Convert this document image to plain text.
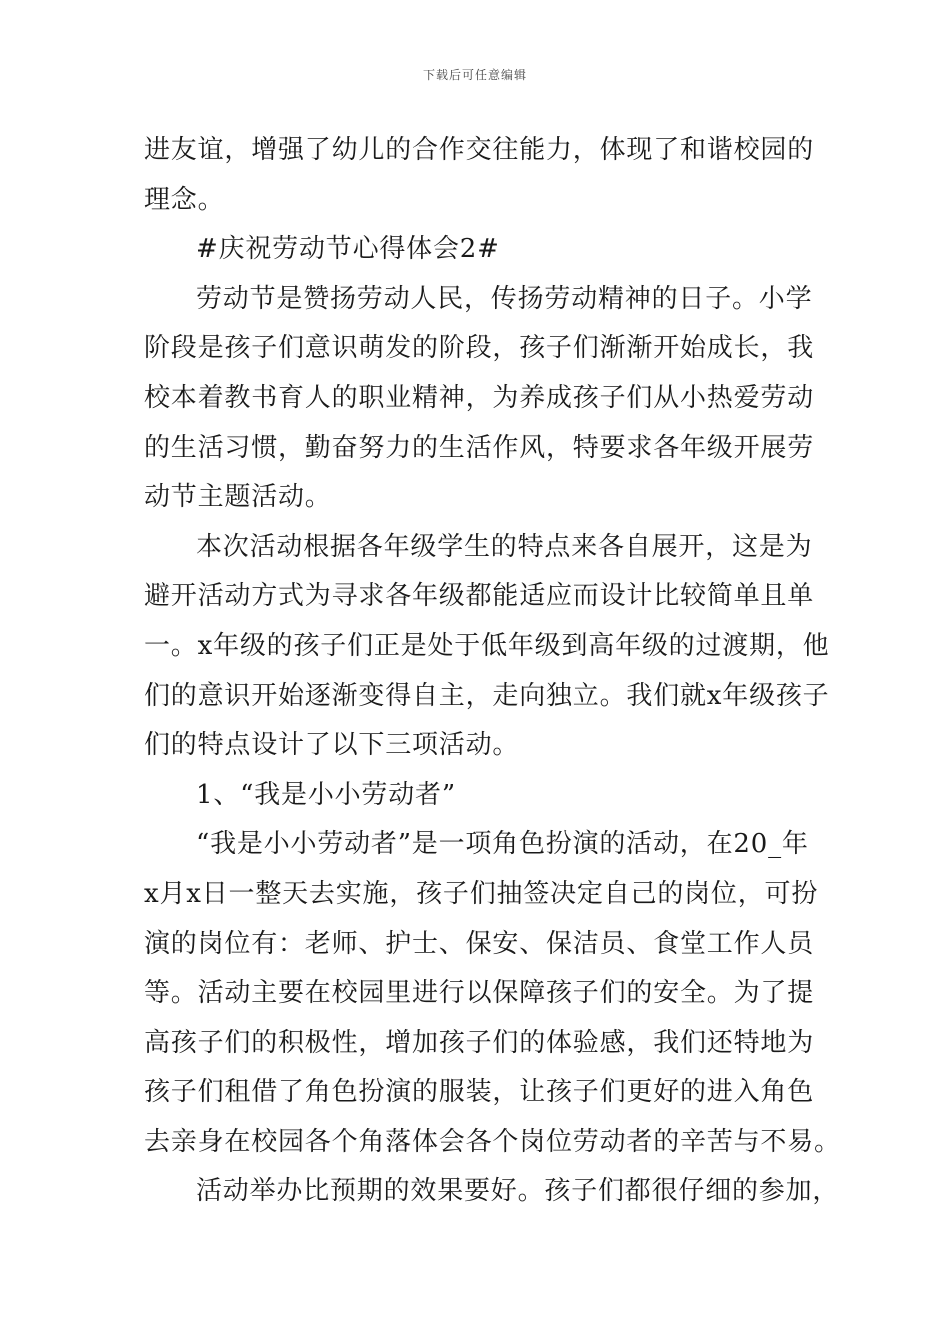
下载后可任意编辑
进友谊，增强了幼儿的合作交往能力，体现了和谐校园的
理念。
#庆祝劳动节心得体会2#
劳动节是赞扬劳动人民，传扬劳动精神的日子。小学
阶段是孩子们意识萌发的阶段，孩子们渐渐开始成长，我
校本着教书育人的职业精神，为养成孩子们从小热爱劳动
的生活习惯，勤奋努力的生活作风，特要求各年级开展劳
动节主题活动。
本次活动根据各年级学生的特点来各自展开，这是为
避开活动方式为寻求各年级都能适应而设计比较简单且单
一。x年级的孩子们正是处于低年级到高年级的过渡期，他
们的意识开始逐渐变得自主，走向独立。我们就x年级孩子
们的特点设计了以下三项活动。
1、“我是小小劳动者”
“我是小小劳动者”是一项角色扮演的活动，在20_年
x月x日一整天去实施，孩子们抽签决定自己的岗位，可扮
演的岗位有：老师、护士、保安、保洁员、食堂工作人员
等。活动主要在校园里进行以保障孩子们的安全。为了提
高孩子们的积极性，增加孩子们的体验感，我们还特地为
孩子们租借了角色扮演的服装，让孩子们更好的进入角色
去亲身在校园各个角落体会各个岗位劳动者的辛苦与不易。
活动举办比预期的效果要好。孩子们都很仔细的参加，
